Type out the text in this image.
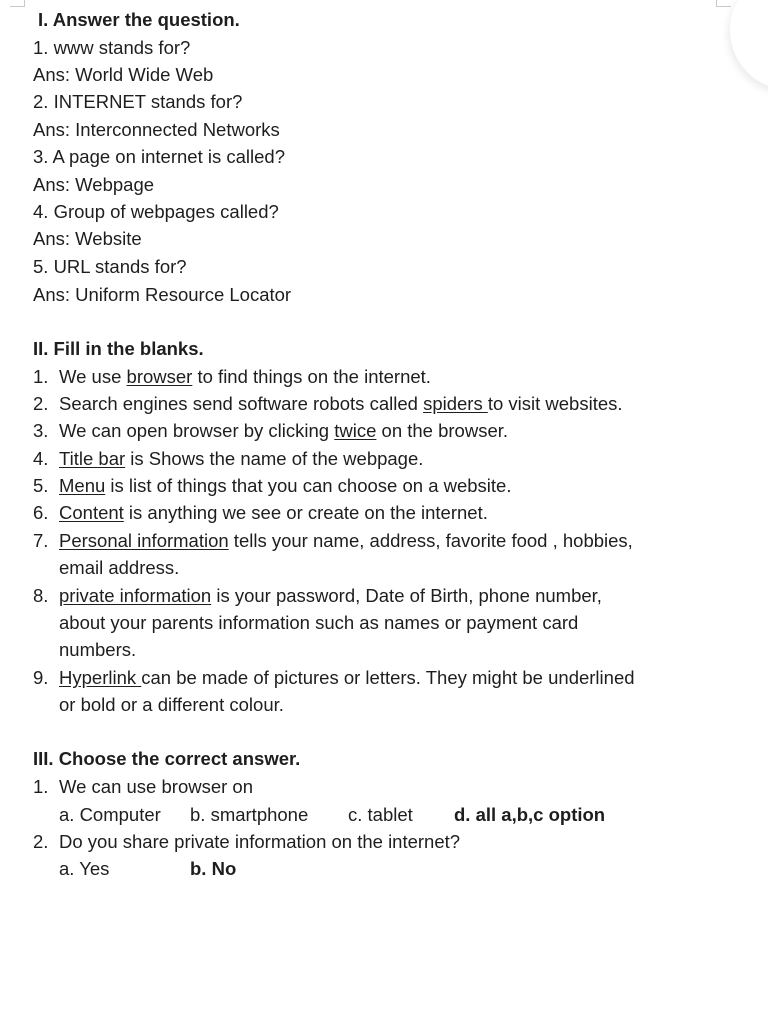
I. Answer the question.
1. www stands for?
Ans: World Wide Web
2. INTERNET stands for?
Ans: Interconnected Networks
3. A page on internet is called?
Ans: Webpage
4. Group of webpages called?
Ans: Website
5. URL stands for?
Ans: Uniform Resource Locator
II. Fill in the blanks.
1. We use browser to find things on the internet.
2. Search engines send software robots called spiders to visit websites.
3. We can open browser by clicking twice on the browser.
4. Title bar is Shows the name of the webpage.
5. Menu is list of things that you can choose on a website.
6. Content is anything we see or create on the internet.
7. Personal information tells your name, address, favorite food , hobbies,
email address.
8. private information is your password, Date of Birth, phone number,
about your parents information such as names or payment card
numbers.
9. Hyperlink can be made of pictures or letters. They might be underlined
or bold or a different colour.
III. Choose the correct answer.
1. We can use browser on
a. Computer b. smartphone c. tablet d. all a,b,c option
2. Do you share private information on the internet?
a. Yes	b. No
